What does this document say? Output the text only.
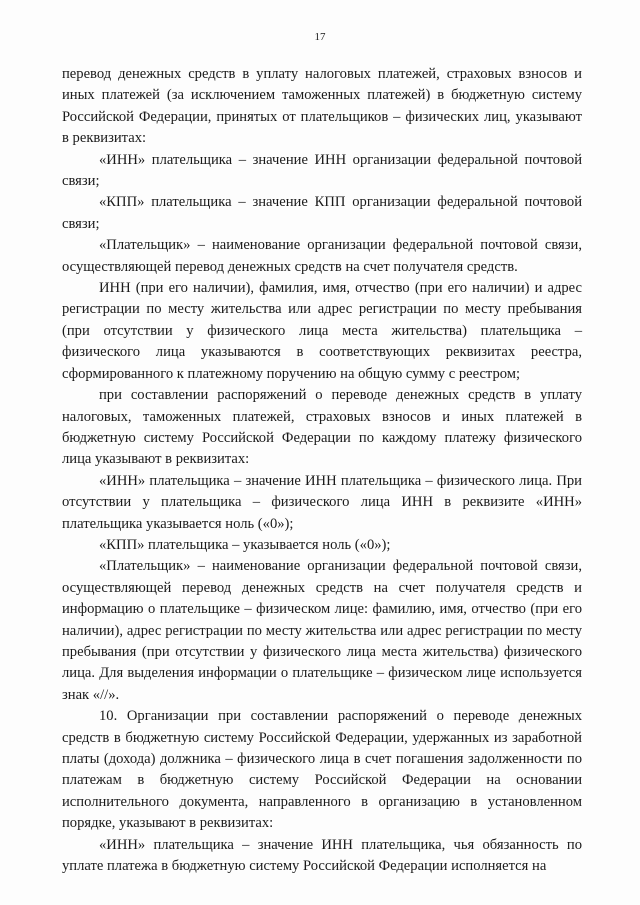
17

перевод денежных средств в уплату налоговых платежей, страховых взносов и иных платежей (за исключением таможенных платежей) в бюджетную систему Российской Федерации, принятых от плательщиков – физических лиц, указывают в реквизитах:

«ИНН» плательщика – значение ИНН организации федеральной почтовой связи;

«КПП» плательщика – значение КПП организации федеральной почтовой связи;

«Плательщик» – наименование организации федеральной почтовой связи, осуществляющей перевод денежных средств на счет получателя средств.

ИНН (при его наличии), фамилия, имя, отчество (при его наличии) и адрес регистрации по месту жительства или адрес регистрации по месту пребывания (при отсутствии у физического лица места жительства) плательщика – физического лица указываются в соответствующих реквизитах реестра, сформированного к платежному поручению на общую сумму с реестром;

при составлении распоряжений о переводе денежных средств в уплату налоговых, таможенных платежей, страховых взносов и иных платежей в бюджетную систему Российской Федерации по каждому платежу физического лица указывают в реквизитах:

«ИНН» плательщика – значение ИНН плательщика – физического лица. При отсутствии у плательщика – физического лица ИНН в реквизите «ИНН» плательщика указывается ноль («0»);

«КПП» плательщика – указывается ноль («0»);

«Плательщик» – наименование организации федеральной почтовой связи, осуществляющей перевод денежных средств на счет получателя средств и информацию о плательщике – физическом лице: фамилию, имя, отчество (при его наличии), адрес регистрации по месту жительства или адрес регистрации по месту пребывания (при отсутствии у физического лица места жительства) физического лица. Для выделения информации о плательщике – физическом лице используется знак «//».

10. Организации при составлении распоряжений о переводе денежных средств в бюджетную систему Российской Федерации, удержанных из заработной платы (дохода) должника – физического лица в счет погашения задолженности по платежам в бюджетную систему Российской Федерации на основании исполнительного документа, направленного в организацию в установленном порядке, указывают в реквизитах:

«ИНН» плательщика – значение ИНН плательщика, чья обязанность по уплате платежа в бюджетную систему Российской Федерации исполняется на
